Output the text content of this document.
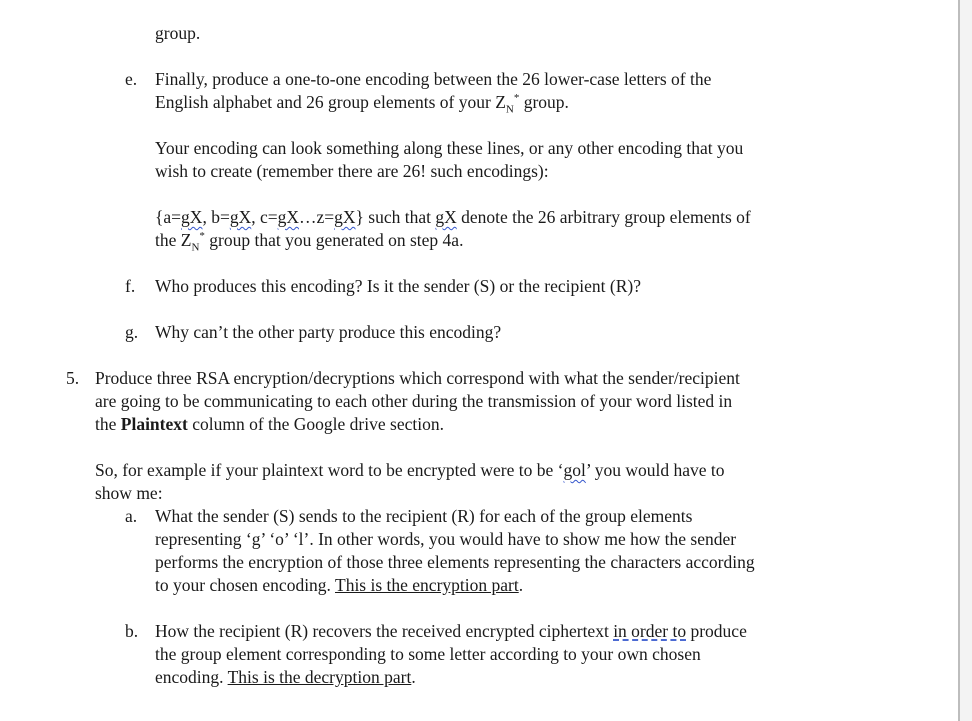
group.
e. Finally, produce a one-to-one encoding between the 26 lower-case letters of the
English alphabet and 26 group elements of your $Z_N^*$ group.
Your encoding can look something along these lines, or any other encoding that you
wish to create (remember there are 26! such encodings):
{a=gX, b=gX, c=gX…z=gX} such that gX denote the 26 arbitrary group elements of
the $Z_N^*$ group that you generated on step 4a.
f. Who produces this encoding? Is it the sender (S) or the recipient (R)?
g. Why can’t the other party produce this encoding?
5. Produce three RSA encryption/decryptions which correspond with what the sender/recipient
are going to be communicating to each other during the transmission of your word listed in
the Plaintext column of the Google drive section.
So, for example if your plaintext word to be encrypted were to be ‘gol’ you would have to
show me:
a. What the sender (S) sends to the recipient (R) for each of the group elements
representing ‘g’ ‘o’ ‘l’. In other words, you would have to show me how the sender
performs the encryption of those three elements representing the characters according
to your chosen encoding. This is the encryption part.
b. How the recipient (R) recovers the received encrypted ciphertext in order to produce
the group element corresponding to some letter according to your own chosen
encoding. This is the decryption part.
